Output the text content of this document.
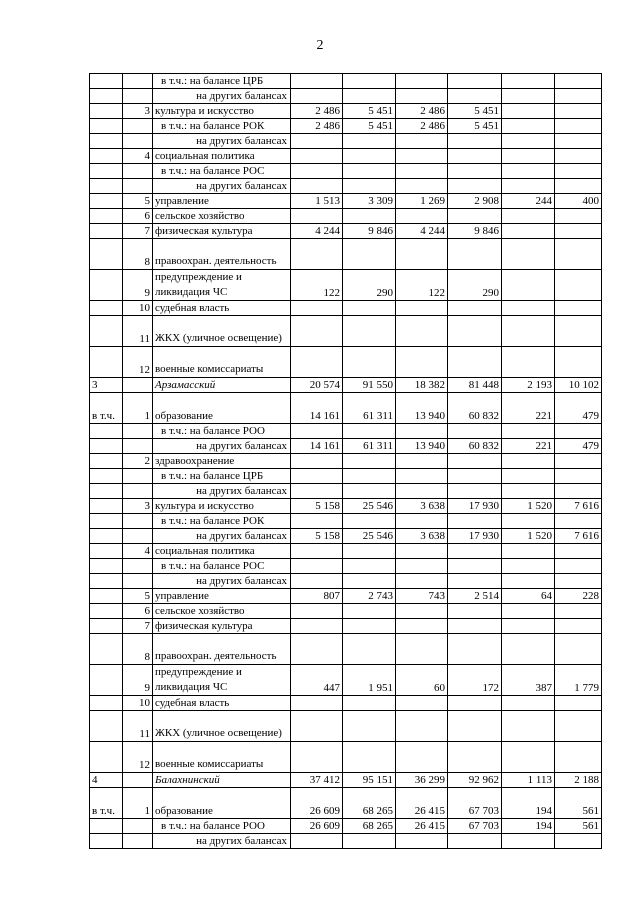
2
		в т.ч.: на балансе ЦРБ						
		на других балансах						
	3	культура и искусство	2 486	5 451	2 486	5 451		
		в т.ч.: на балансе РОК	2 486	5 451	2 486	5 451		
		на других балансах						
	4	социальная политика						
		в т.ч.: на балансе РОС						
		на других балансах						
	5	управление	1 513	3 309	1 269	2 908	244	400
	6	сельское хозяйство						
	7	физическая культура	4 244	9 846	4 244	9 846		
	8	правоохран. деятельность						
	9	предупреждение и ликвидация ЧС	122	290	122	290		
	10	судебная власть						
	11	ЖКХ (уличное освещение)						
	12	военные комиссариаты						
3		Арзамасский	20 574	91 550	18 382	81 448	2 193	10 102
в т.ч.	1	образование	14 161	61 311	13 940	60 832	221	479
		в т.ч.: на балансе РОО						
		на других балансах	14 161	61 311	13 940	60 832	221	479
	2	здравоохранение						
		в т.ч.: на балансе ЦРБ						
		на других балансах						
	3	культура и искусство	5 158	25 546	3 638	17 930	1 520	7 616
		в т.ч.: на балансе РОК						
		на других балансах	5 158	25 546	3 638	17 930	1 520	7 616
	4	социальная политика						
		в т.ч.: на балансе РОС						
		на других балансах						
	5	управление	807	2 743	743	2 514	64	228
	6	сельское хозяйство						
	7	физическая культура						
	8	правоохран. деятельность						
	9	предупреждение и ликвидация ЧС	447	1 951	60	172	387	1 779
	10	судебная власть						
	11	ЖКХ (уличное освещение)						
	12	военные комиссариаты						
4		Балахнинский	37 412	95 151	36 299	92 962	1 113	2 188
в т.ч.	1	образование	26 609	68 265	26 415	67 703	194	561
		в т.ч.: на балансе РОО	26 609	68 265	26 415	67 703	194	561
		на других балансах						
